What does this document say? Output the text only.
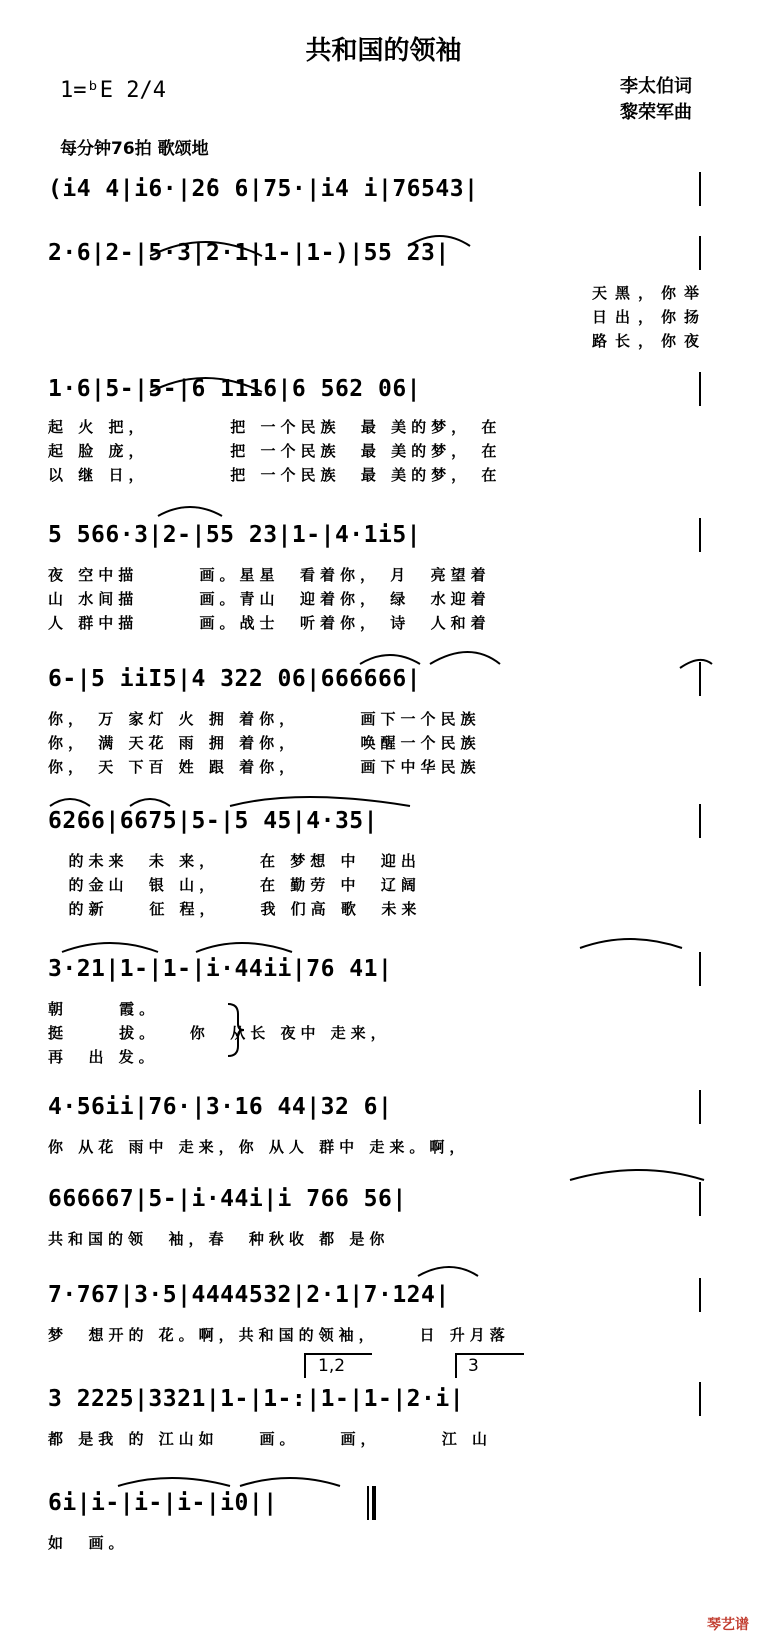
共和国的领袖
1=ᵇE 2/4	李太伯词
黎荣军曲
每分钟76拍 歌颂地
(i4 4|i6·|2̇6 6|75·|i4 i|76543|
2·6|2-|5·3|2·1|1-|1-)|55 23|
天黑，你举
日出，你扬
路长，你夜
1·6|5-|5-|6 1116|6 562 06|
起 火 把，        把 一个民族  最 美的梦， 在
起 脸 庞，        把 一个民族  最 美的梦， 在
以 继 日，        把 一个民族  最 美的梦， 在
5 566·3|2-|55 23|1-|4·1i5|
夜 空中描      画。星星  看着你， 月  亮望着
山 水间描      画。青山  迎着你， 绿  水迎着
人 群中描      画。战士  听着你， 诗  人和着
6-|5 iiI5|4 322 06|666666|
你， 万 家灯 火 拥 着你，      画下一个民族
你， 满 天花 雨 拥 着你，      唤醒一个民族
你， 天 下百 姓 跟 着你，      画下中华民族
6266|6675|5-|5 45|4·35|
的未来  未 来，    在 梦想 中  迎出
的金山  银 山，    在 勤劳 中  辽阔
的新    征 程，    我 们高 歌  未来
3·21|1-|1-|i·44ii|76 41|
朝     霞。
挺     拔。   你  从长 夜中 走来，
再  出 发。
4·56ii|76·|3·16 44|32 6|
你 从花 雨中 走来，你 从人 群中 走来。啊，
666667|5-|i·44i|i 766 56|
共和国的领  袖，春  种秋收 都 是你
7·767|3·5|4444532|2·1|7·124|
梦  想开的 花。啊，共和国的领袖，    日 升月落
1,2	3
3 2225|3321|1-|1-:|1-|1-|2·i|
都 是我 的 江山如    画。    画，      江 山
6i|i-|i-|i-|i0||
如  画。
琴艺谱
